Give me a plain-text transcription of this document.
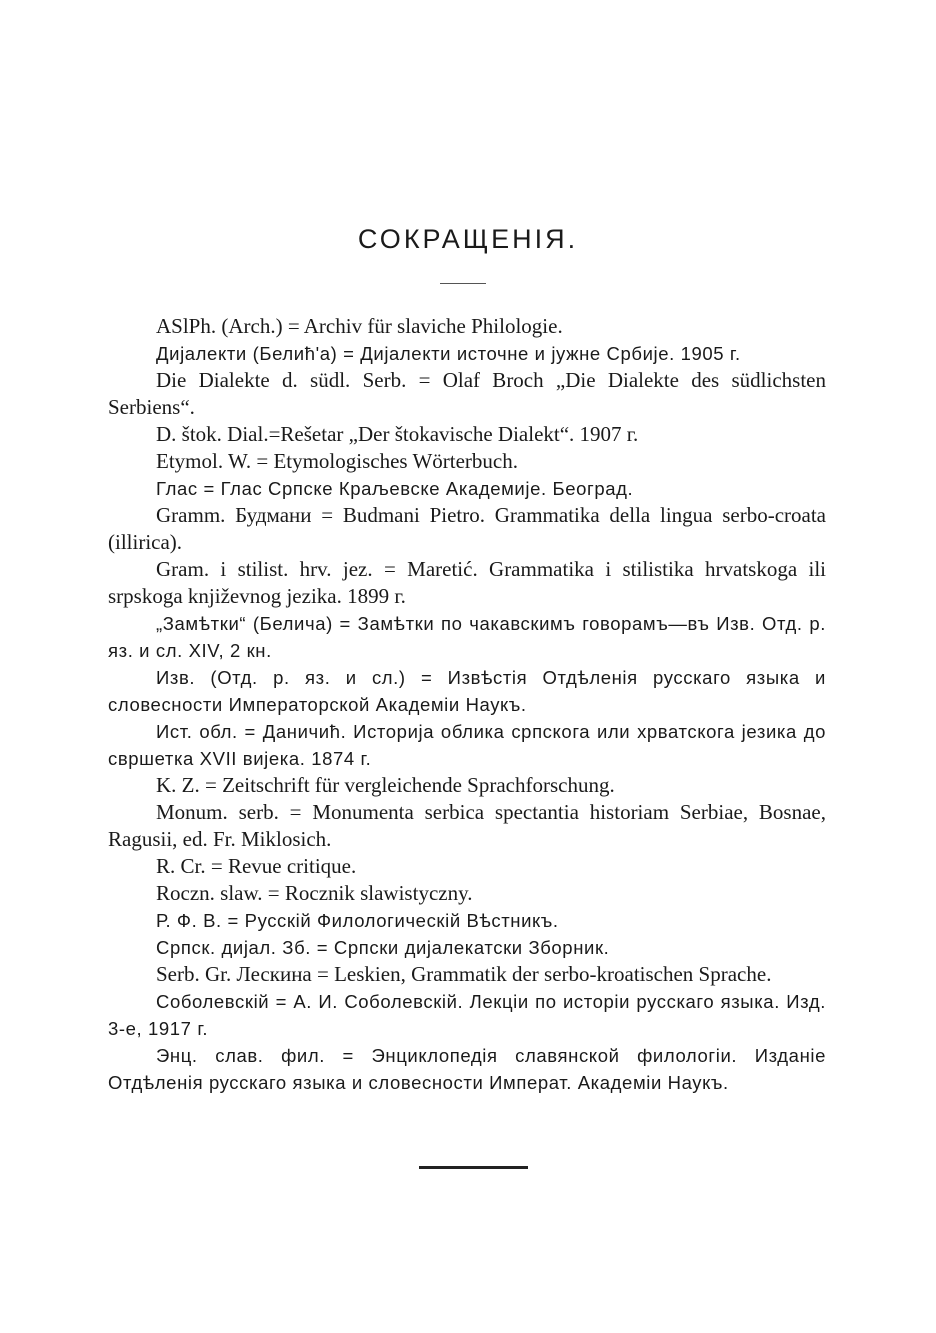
СОКРАЩЕНIЯ.
ASlPh. (Arch.) = Archiv für slaviche Philologie.
Дијалекти (Белић'а) = Дијалекти источне и јужне Србије. 1905 г.
Die Dialekte d. südl. Serb. = Olaf Broch „Die Dialekte des südlichsten Serbiens“.
D. štok. Dial.=Rešetar „Der štokavische Dialekt“. 1907 г.
Etymol. W. = Etymologisches Wörterbuch.
Глас = Глас Српске Краљевске Академије. Београд.
Gramm. Будмани = Budmani Pietro. Grammatika della lingua serbo-croata (illirica).
Gram. i stilist. hrv. jez. = Maretić. Grammatika i stilistika hrvatskoga ili srpskoga književnog jezika. 1899 г.
„Замѣтки“ (Белича) = Замѣтки по чакавскимъ говорамъ—въ Изв. Отд. р. яз. и сл. XIV, 2 кн.
Изв. (Отд. р. яз. и сл.) = Извѣстiя Отдѣленiя русскаго языка и словесности Императорской Академiи Наукъ.
Ист. обл. = Даничић. Историја облика српскога или хрватскога језика до свршетка XVII вијека. 1874 г.
K. Z. = Zeitschrift für vergleichende Sprachforschung.
Monum. serb. = Monumenta serbica spectantia historiam Serbiae, Bosnae, Ragusii, ed. Fr. Miklosich.
R. Cr. = Revue critique.
Roczn. slaw. = Rocznik slawistyczny.
Р. Ф. В. = Русскiй Филологическiй Вѣстникъ.
Српск. дијал. Зб. = Српски дијалекатски Зборник.
Serb. Gr. Лескина = Leskien, Grammatik der serbo-kroatischen Sprache.
Соболевскiй = А. И. Соболевскiй. Лекцiи по исторiи русскаго языка. Изд. 3-е, 1917 г.
Энц. слав. фил. = Энциклопедiя славянской филологiи. Изданiе Отдѣленiя русскаго языка и словесности Императ. Академiи Наукъ.
